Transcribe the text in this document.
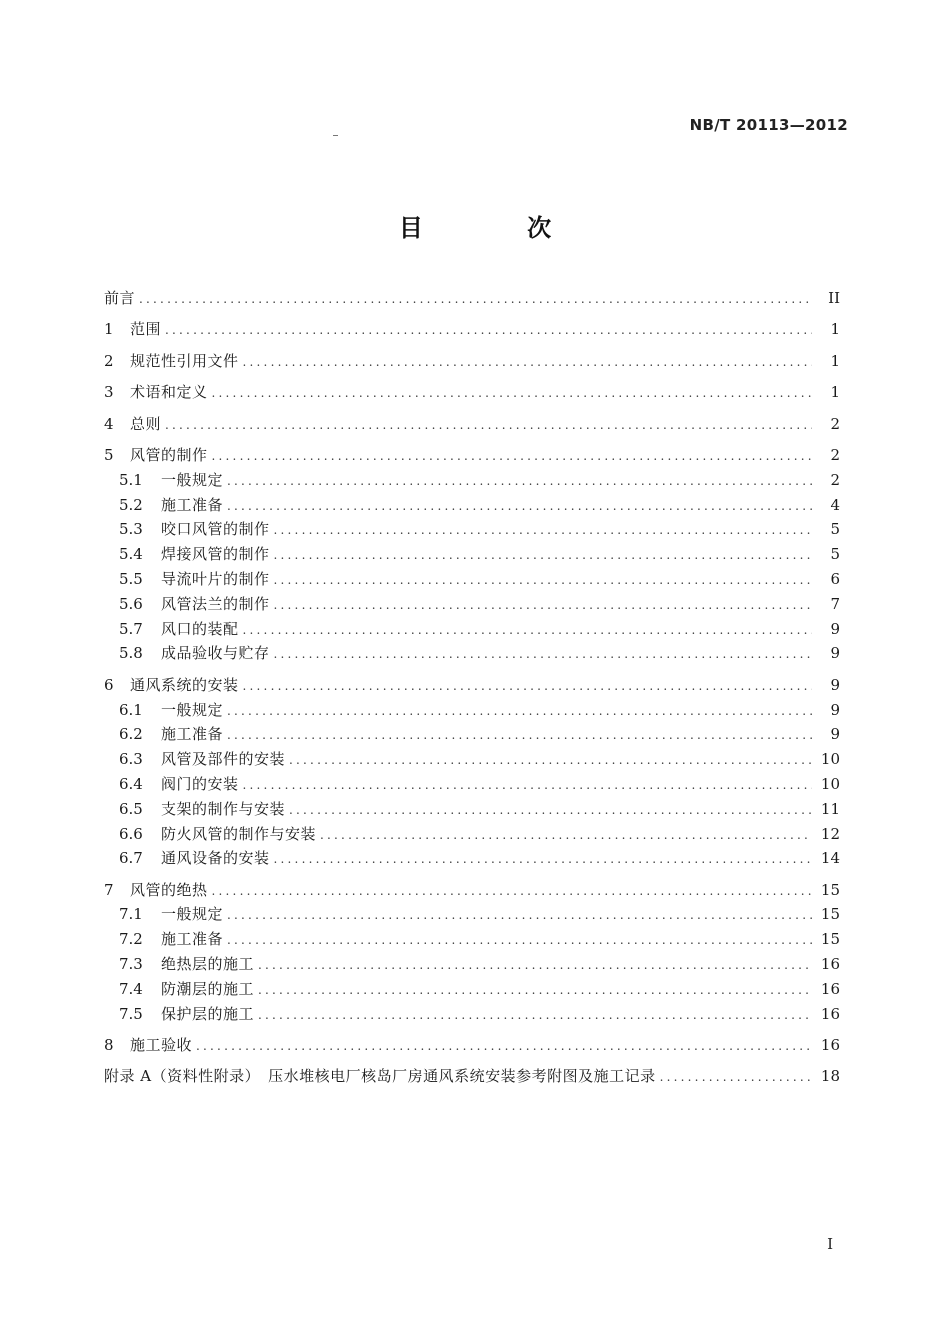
NB/T 20113—2012
目 次
前言 .....	II
1	范围 .....	1
2	规范性引用文件 .....	1
3	术语和定义 .....	1
4	总则 .....	2
5	风管的制作 .....	2
5.1	一般规定 .....	2
5.2	施工准备 .....	4
5.3	咬口风管的制作 .....	5
5.4	焊接风管的制作 .....	5
5.5	导流叶片的制作 .....	6
5.6	风管法兰的制作 .....	7
5.7	风口的装配 .....	9
5.8	成品验收与贮存 .....	9
6	通风系统的安装 .....	9
6.1	一般规定 .....	9
6.2	施工准备 .....	9
6.3	风管及部件的安装 .....	10
6.4	阀门的安装 .....	10
6.5	支架的制作与安装 .....	11
6.6	防火风管的制作与安装 .....	12
6.7	通风设备的安装 .....	14
7	风管的绝热 .....	15
7.1	一般规定 .....	15
7.2	施工准备 .....	15
7.3	绝热层的施工 .....	16
7.4	防潮层的施工 .....	16
7.5	保护层的施工 .....	16
8	施工验收 .....	16
附录 A（资料性附录）　压水堆核电厂核岛厂房通风系统安装参考附图及施工记录 .....	18
I
